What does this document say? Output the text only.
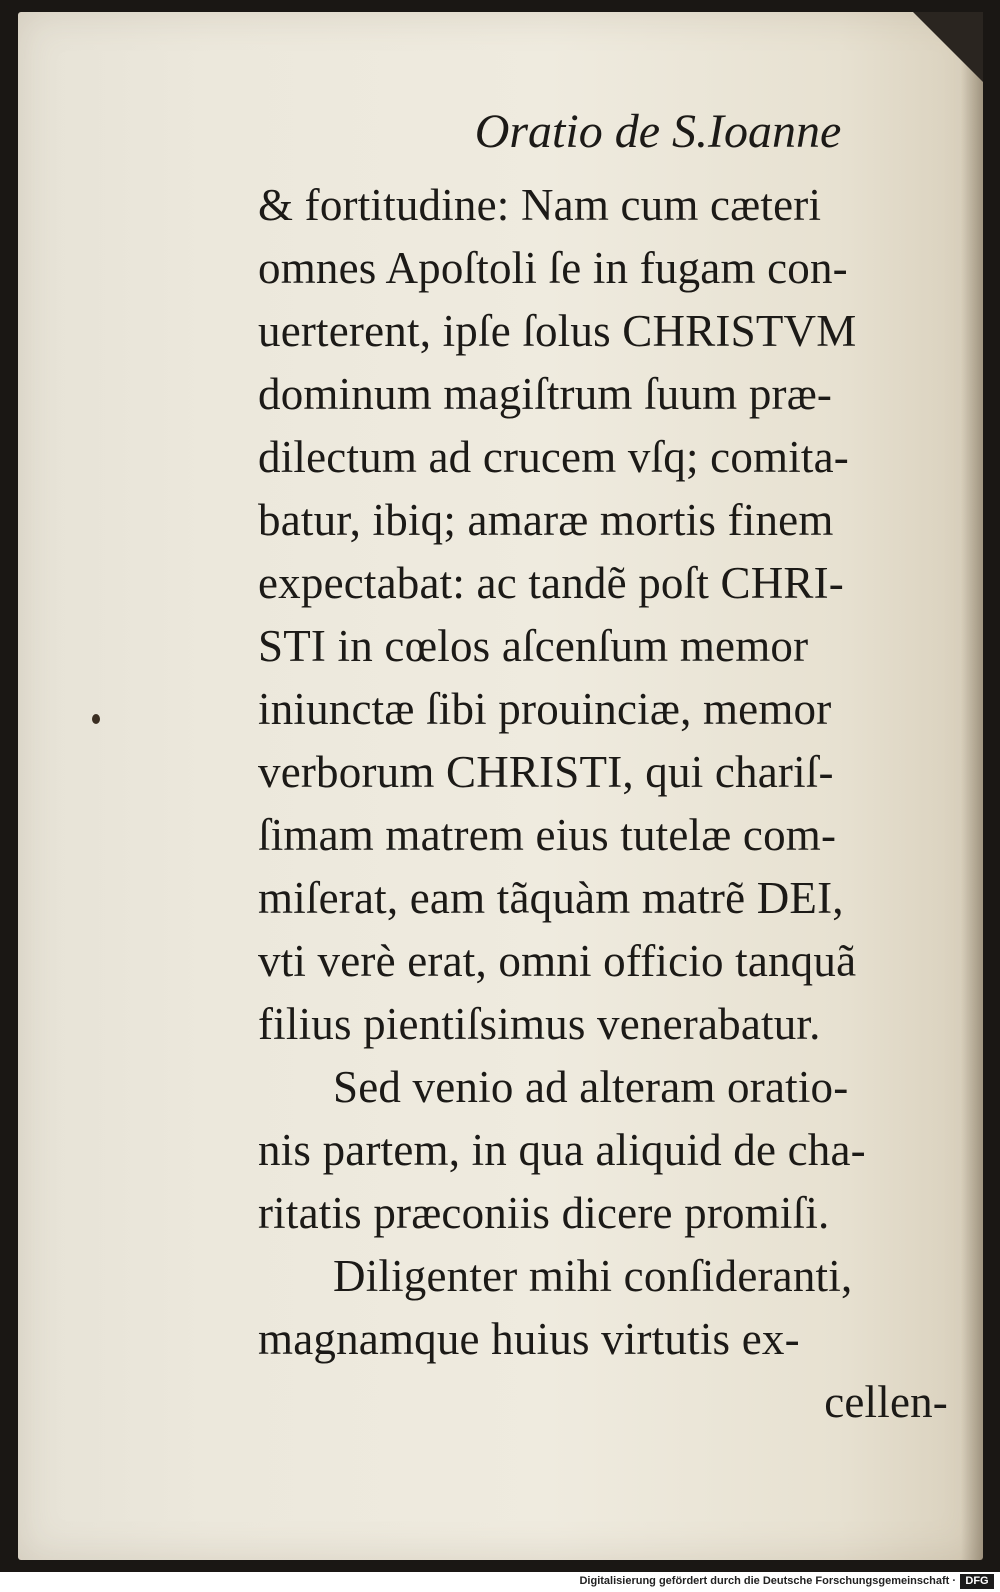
Oratio de S.Ioanne
& fortitudine: Nam cum cæteri
omnes Apoſtoli ſe in fugam con-
uerterent, ipſe ſolus CHRISTVM
dominum magiſtrum ſuum præ-
dilectum ad crucem vſq; comita-
batur, ibiq; amaræ mortis finem
expectabat: ac tandẽ poſt CHRI-
STI in cœlos aſcenſum memor
iniunctæ ſibi prouinciæ, memor
verborum CHRISTI, qui chariſ-
ſimam matrem eius tutelæ com-
miſerat, eam tãquàm matrẽ DEI,
vti verè erat, omni officio tanquã
filius pientiſsimus venerabatur.
Sed venio ad alteram oratio-
nis partem, in qua aliquid de cha-
ritatis præconiis dicere promiſi.
Diligenter mihi conſideranti,
magnamque huius virtutis ex-
cellen-
Digitalisierung gefördert durch die Deutsche Forschungsgemeinschaft · DFG
